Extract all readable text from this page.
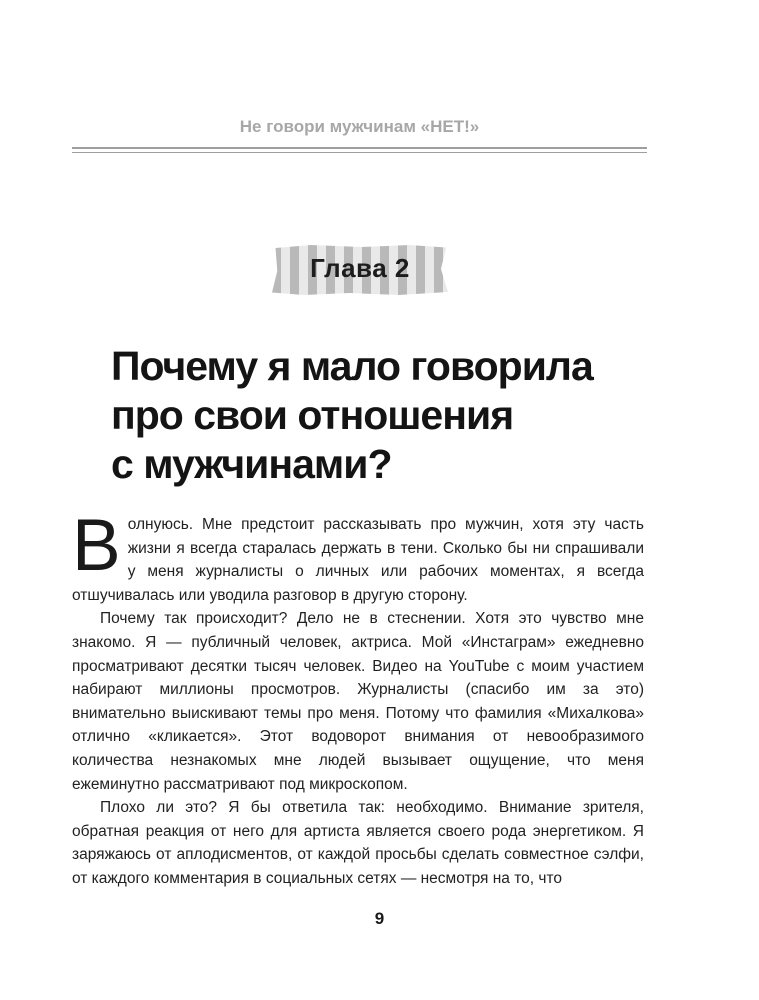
Не говори мужчинам «НЕТ!»
Глава 2
Почему я мало говорила
про свои отношения
с мужчинами?

Волнуюсь. Мне предстоит рассказывать про мужчин, хотя эту часть жизни я всегда старалась держать в тени. Сколько бы ни спрашивали у меня журналисты о личных или рабочих моментах, я всегда отшучивалась или уводила разговор в другую сторону.

Почему так происходит? Дело не в стеснении. Хотя это чувство мне знакомо. Я — публичный человек, актриса. Мой «Инстаграм» ежедневно просматривают десятки тысяч человек. Видео на YouTube с моим участием набирают миллионы просмотров. Журналисты (спасибо им за это) внимательно выискивают темы про меня. Потому что фамилия «Михалкова» отлично «кликается». Этот водоворот внимания от невообразимого количества незнакомых мне людей вызывает ощущение, что меня ежеминутно рассматривают под микроскопом.

Плохо ли это? Я бы ответила так: необходимо. Внимание зрителя, обратная реакция от него для артиста является своего рода энергетиком. Я заряжаюсь от аплодисментов, от каждой просьбы сделать совместное сэлфи, от каждого комментария в социальных сетях — несмотря на то, что

9
